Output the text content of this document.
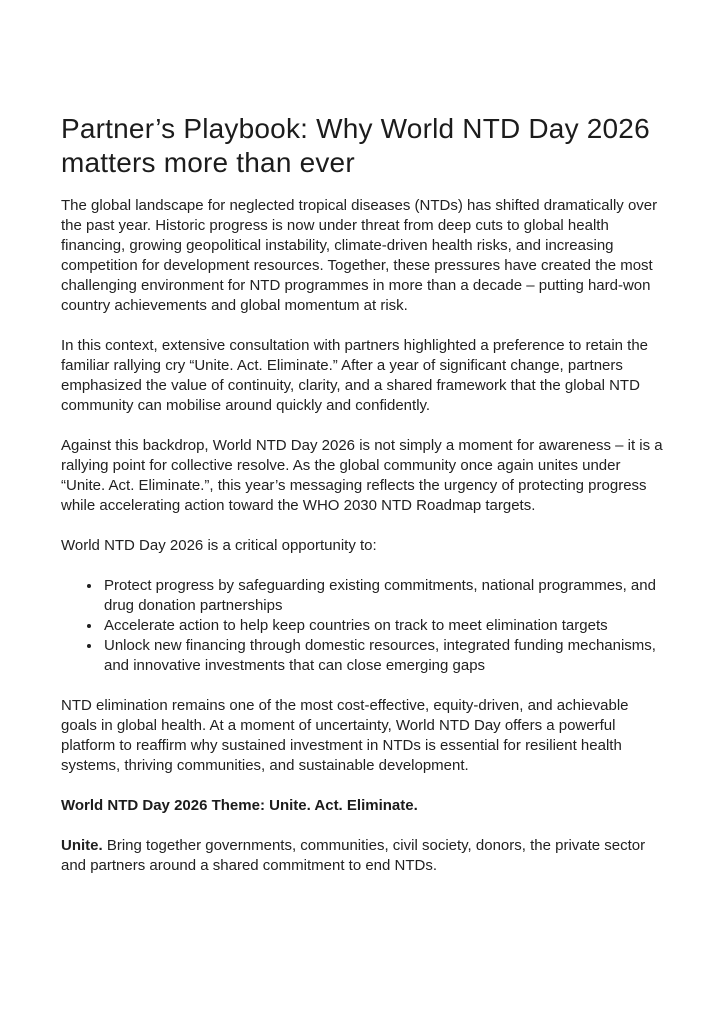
Partner’s Playbook: Why World NTD Day 2026 matters more than ever

The global landscape for neglected tropical diseases (NTDs) has shifted dramatically over the past year. Historic progress is now under threat from deep cuts to global health financing, growing geopolitical instability, climate-driven health risks, and increasing competition for development resources. Together, these pressures have created the most challenging environment for NTD programmes in more than a decade – putting hard-won country achievements and global momentum at risk.

In this context, extensive consultation with partners highlighted a preference to retain the familiar rallying cry “Unite. Act. Eliminate.” After a year of significant change, partners emphasized the value of continuity, clarity, and a shared framework that the global NTD community can mobilise around quickly and confidently.

Against this backdrop, World NTD Day 2026 is not simply a moment for awareness – it is a rallying point for collective resolve. As the global community once again unites under “Unite. Act. Eliminate.”, this year’s messaging reflects the urgency of protecting progress while accelerating action toward the WHO 2030 NTD Roadmap targets.

World NTD Day 2026 is a critical opportunity to:

• Protect progress by safeguarding existing commitments, national programmes, and drug donation partnerships
• Accelerate action to help keep countries on track to meet elimination targets
• Unlock new financing through domestic resources, integrated funding mechanisms, and innovative investments that can close emerging gaps

NTD elimination remains one of the most cost-effective, equity-driven, and achievable goals in global health. At a moment of uncertainty, World NTD Day offers a powerful platform to reaffirm why sustained investment in NTDs is essential for resilient health systems, thriving communities, and sustainable development.

World NTD Day 2026 Theme: Unite. Act. Eliminate.

Unite. Bring together governments, communities, civil society, donors, the private sector and partners around a shared commitment to end NTDs.
